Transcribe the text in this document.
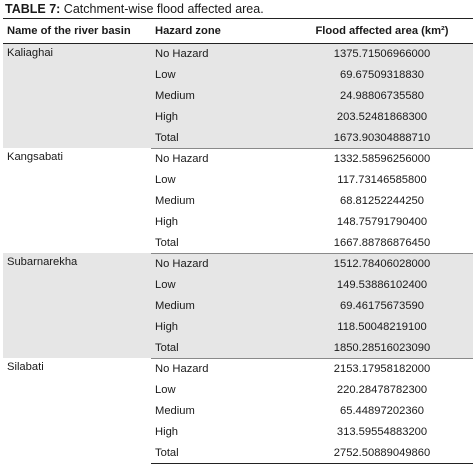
TABLE 7: Catchment-wise flood affected area.
Name of the river basin	Hazard zone	Flood affected area (km²)
Kaliaghai	No Hazard	1375.71506966000
	Low	69.67509318830
	Medium	24.98806735580
	High	203.52481868300
	Total	1673.90304888710
Kangsabati	No Hazard	1332.58596256000
	Low	117.73146585800
	Medium	68.81252244250
	High	148.75791790400
	Total	1667.88786876450
Subarnarekha	No Hazard	1512.78406028000
	Low	149.53886102400
	Medium	69.46175673590
	High	118.50048219100
	Total	1850.28516023090
Silabati	No Hazard	2153.17958182000
	Low	220.28478782300
	Medium	65.44897202360
	High	313.59554883200
	Total	2752.50889049860
